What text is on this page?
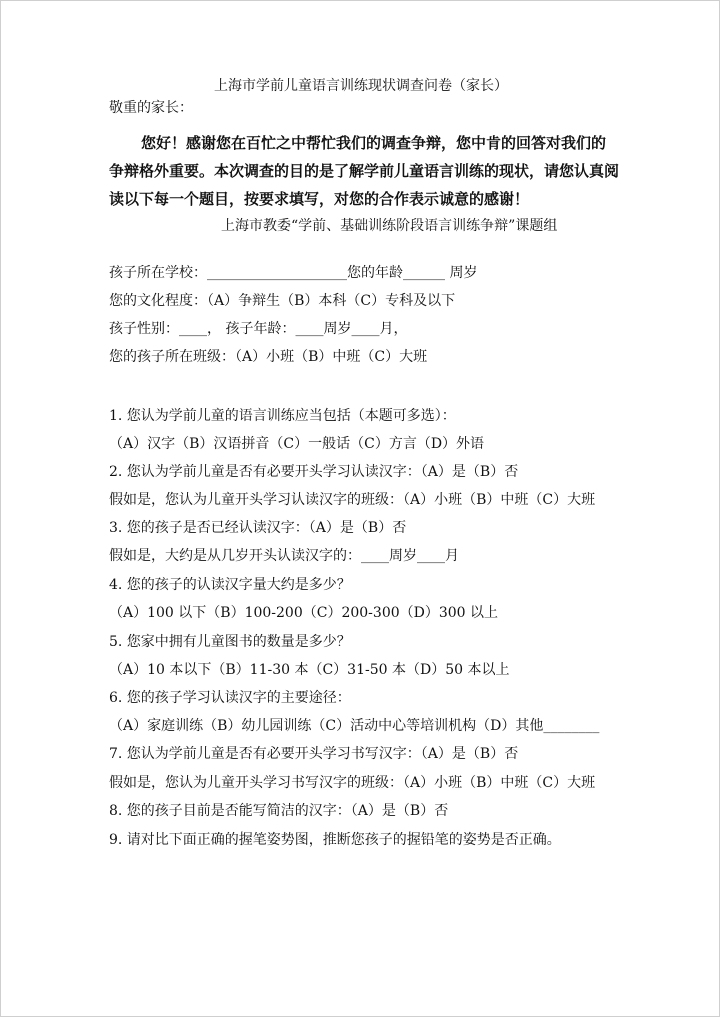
上海市学前儿童语言训练现状调查问卷（家长）
敬重的家长：

您好！感谢您在百忙之中帮忙我们的调查争辩，您中肯的回答对我们的争辩格外重要。本次调查的目的是了解学前儿童语言训练的现状，请您认真阅读以下每一个题目，按要求填写，对您的合作表示诚意的感谢！

上海市教委“学前、基础训练阶段语言训练争辩”课题组
孩子所在学校：____________________您的年龄______ 周岁
您的文化程度：（A）争辩生（B）本科（C）专科及以下
孩子性别：____， 孩子年龄：____周岁____月，
您的孩子所在班级：（A）小班（B）中班（C）大班
1. 您认为学前儿童的语言训练应当包括（本题可多选）：
（A）汉字（B）汉语拼音（C）一般话（C）方言（D）外语
2. 您认为学前儿童是否有必要开头学习认读汉字：（A）是（B）否
假如是，您认为儿童开头学习认读汉字的班级：（A）小班（B）中班（C）大班
3. 您的孩子是否已经认读汉字：（A）是（B）否
假如是，大约是从几岁开头认读汉字的：____周岁____月
4. 您的孩子的认读汉字量大约是多少？
（A）100 以下（B）100-200（C）200-300（D）300 以上
5. 您家中拥有儿童图书的数量是多少？
（A）10 本以下（B）11-30 本（C）31-50 本（D）50 本以上
6. 您的孩子学习认读汉字的主要途径：
（A）家庭训练（B）幼儿园训练（C）活动中心等培训机构（D）其他________
7. 您认为学前儿童是否有必要开头学习书写汉字：（A）是（B）否
假如是，您认为儿童开头学习书写汉字的班级：（A）小班（B）中班（C）大班
8. 您的孩子目前是否能写简洁的汉字：（A）是（B）否
9. 请对比下面正确的握笔姿势图，推断您孩子的握铅笔的姿势是否正确。
